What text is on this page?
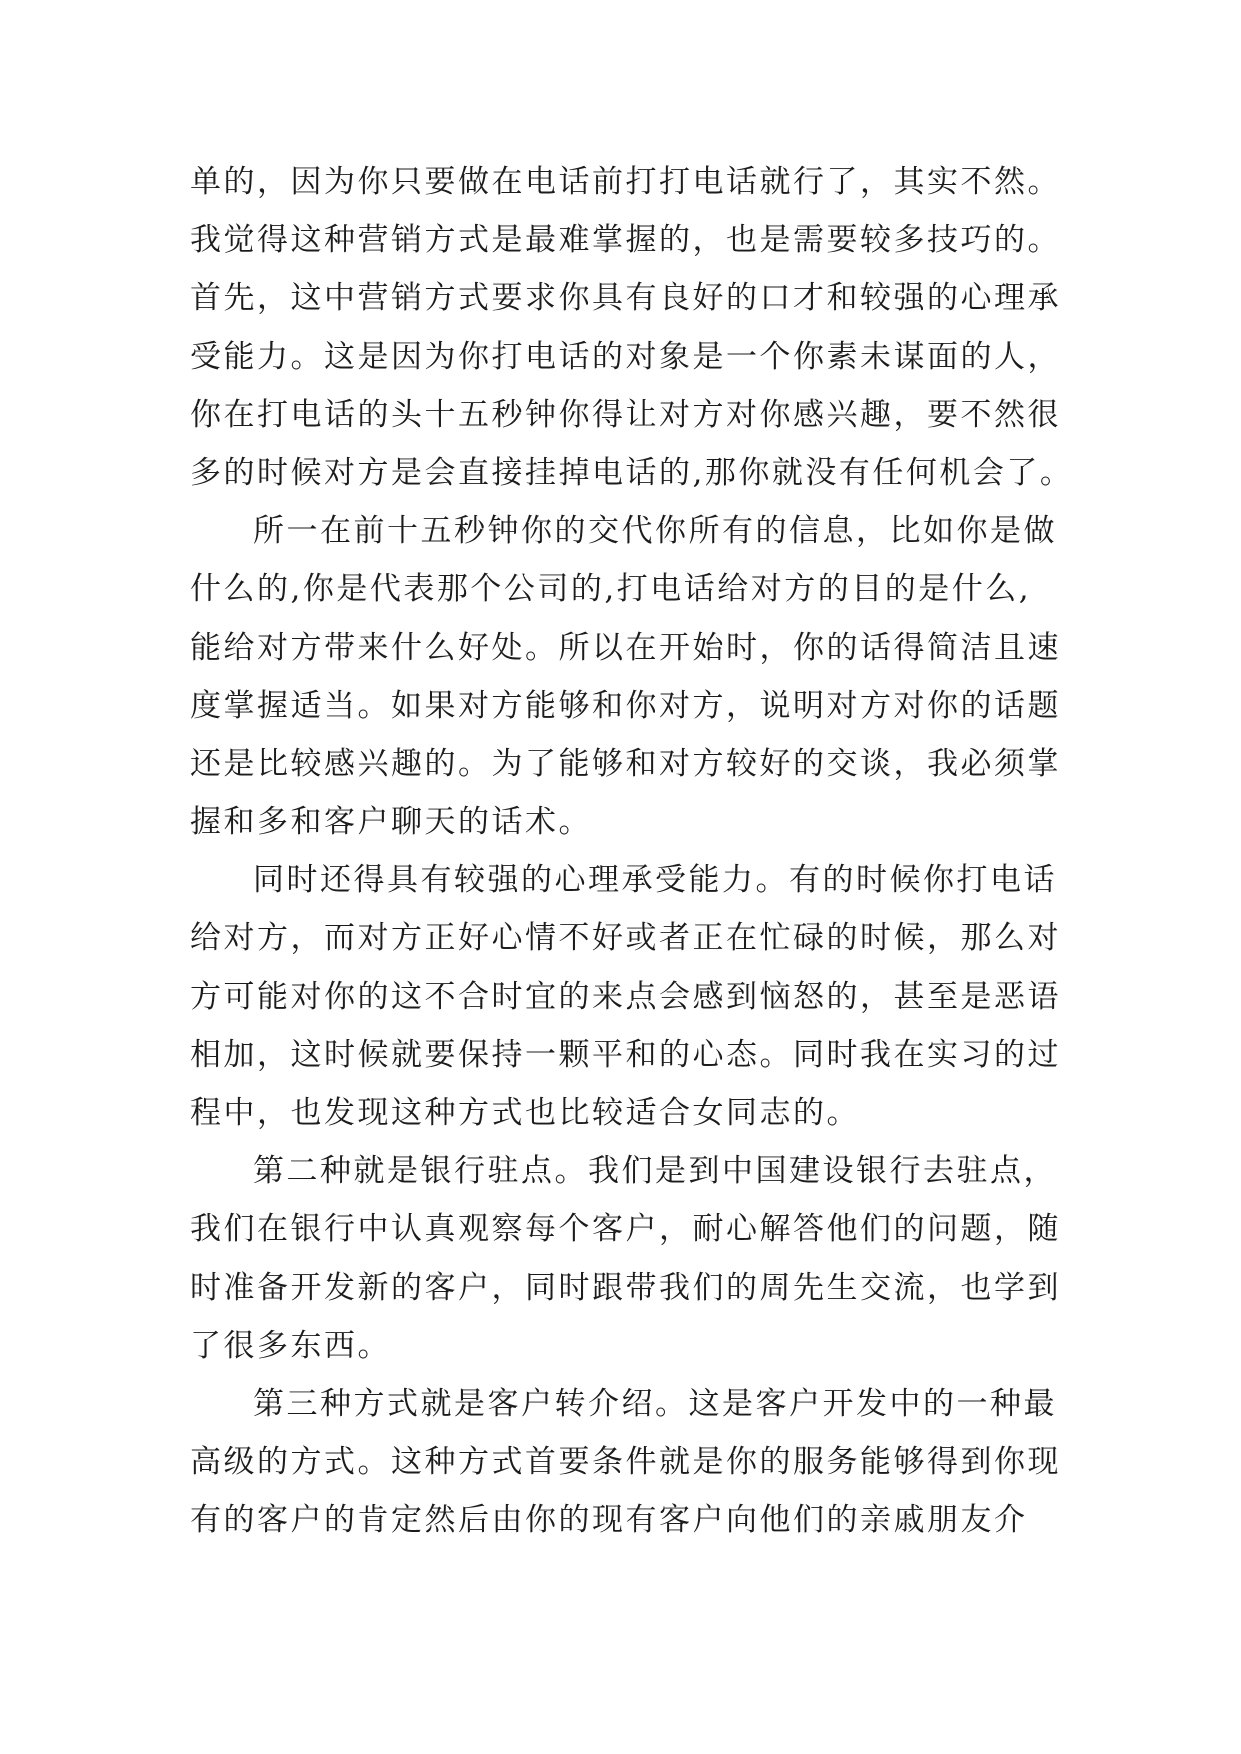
单的，因为你只要做在电话前打打电话就行了，其实不然。
我觉得这种营销方式是最难掌握的，也是需要较多技巧的。
首先，这中营销方式要求你具有良好的口才和较强的心理承
受能力。这是因为你打电话的对象是一个你素未谋面的人，
你在打电话的头十五秒钟你得让对方对你感兴趣，要不然很
多的时候对方是会直接挂掉电话的,那你就没有任何机会了。
所一在前十五秒钟你的交代你所有的信息，比如你是做
什么的,你是代表那个公司的,打电话给对方的目的是什么,
能给对方带来什么好处。所以在开始时，你的话得简洁且速
度掌握适当。如果对方能够和你对方，说明对方对你的话题
还是比较感兴趣的。为了能够和对方较好的交谈，我必须掌
握和多和客户聊天的话术。
同时还得具有较强的心理承受能力。有的时候你打电话
给对方，而对方正好心情不好或者正在忙碌的时候，那么对
方可能对你的这不合时宜的来点会感到恼怒的，甚至是恶语
相加，这时候就要保持一颗平和的心态。同时我在实习的过
程中，也发现这种方式也比较适合女同志的。
第二种就是银行驻点。我们是到中国建设银行去驻点，
我们在银行中认真观察每个客户，耐心解答他们的问题，随
时准备开发新的客户，同时跟带我们的周先生交流，也学到
了很多东西。
第三种方式就是客户转介绍。这是客户开发中的一种最
高级的方式。这种方式首要条件就是你的服务能够得到你现
有的客户的肯定然后由你的现有客户向他们的亲戚朋友介
